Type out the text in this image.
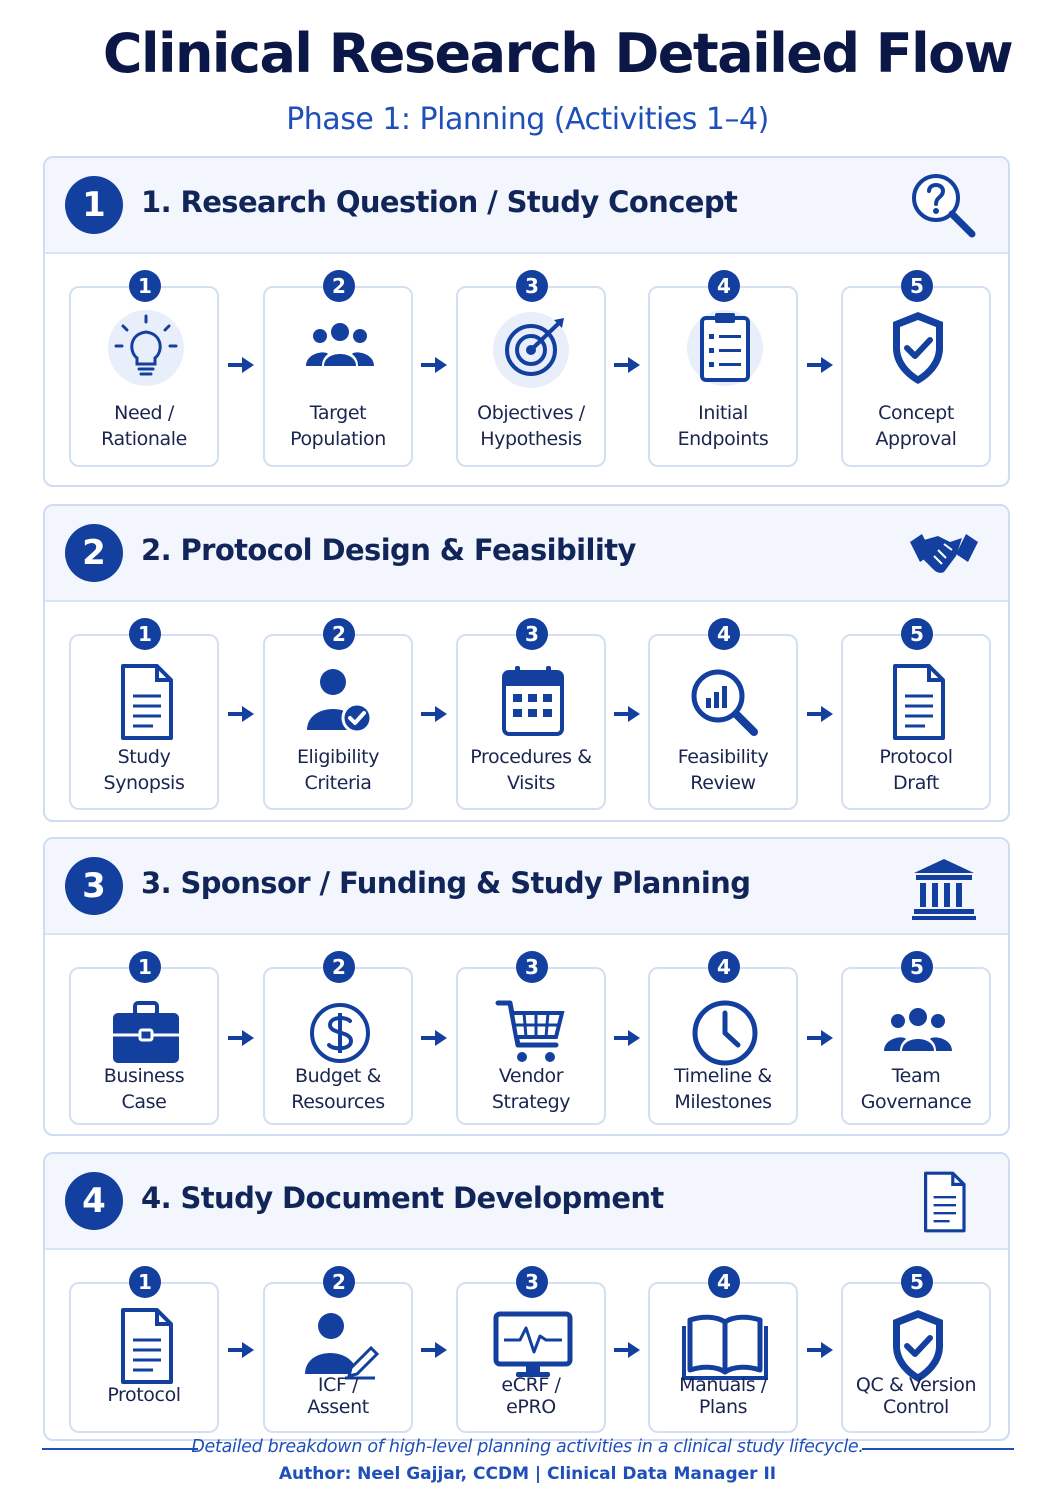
Clinical Research Detailed Flow
Phase 1: Planning (Activities 1–4)
1	1. Research Question / Study Concept
1
Need /
Rationale
2
Target
Population
3
Objectives /
Hypothesis
4
Initial
Endpoints
5
Concept
Approval
2	2. Protocol Design & Feasibility
1
Study
Synopsis
2
Eligibility
Criteria
3
Procedures &
Visits
4
Feasibility
Review
5
Protocol
Draft
3	3. Sponsor / Funding & Study Planning
1
Business
Case
2
Budget &
Resources
3
Vendor
Strategy
4
Timeline &
Milestones
5
Team
Governance
4	4. Study Document Development
1
Protocol
2
ICF /
Assent
3
eCRF /
ePRO
4
Manuals /
Plans
5
QC & Version
Control
Detailed breakdown of high-level planning activities in a clinical study lifecycle.
Author: Neel Gajjar, CCDM | Clinical Data Manager II
